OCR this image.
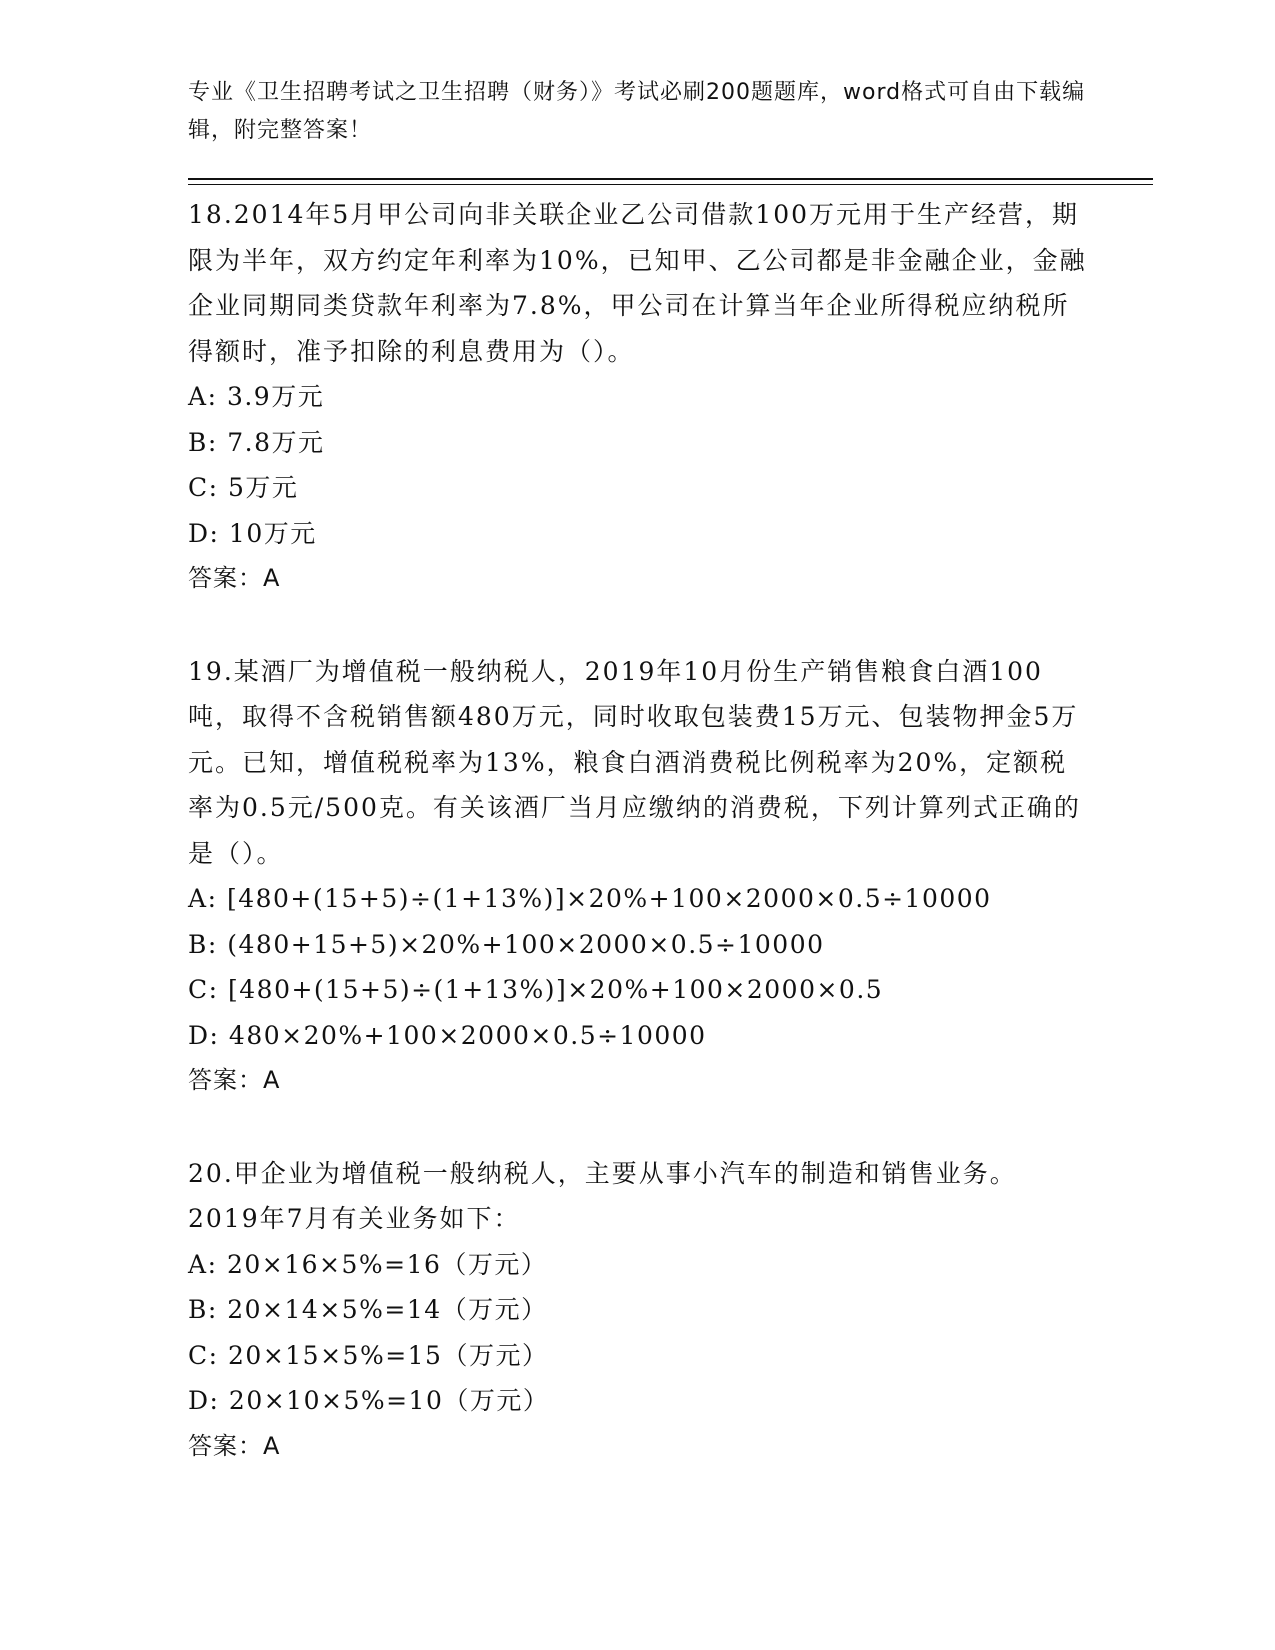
专业《卫生招聘考试之卫生招聘（财务）》考试必刷200题题库，word格式可自由下载编辑，附完整答案！
18 . 2014年5月甲公司向非关联企业乙公司借款100万元用于生产经营，期限为半年，双方约定年利率为10%，已知甲、乙公司都是非金融企业，金融企业同期同类贷款年利率为7.8%，甲公司在计算当年企业所得税应纳税所得额时，准予扣除的利息费用为（）。
A : 3.9万元
B : 7.8万元
C : 5万元
D : 10万元
答案：A
19 . 某酒厂为增值税一般纳税人，2019年10月份生产销售粮食白酒100吨，取得不含税销售额480万元，同时收取包装费15万元、包装物押金5万元。已知，增值税税率为13%，粮食白酒消费税比例税率为20%，定额税率为0.5元/500克。有关该酒厂当月应缴纳的消费税，下列计算列式正确的是（）。
A : [480+(15+5)÷(1+13%)]×20%+100×2000×0.5÷10000
B : (480+15+5)×20%+100×2000×0.5÷10000
C : [480+(15+5)÷(1+13%)]×20%+100×2000×0.5
D : 480×20%+100×2000×0.5÷10000
答案：A
20 . 甲企业为增值税一般纳税人，主要从事小汽车的制造和销售业务。2019年7月有关业务如下：
A : 20×16×5%=16（万元）
B : 20×14×5%=14（万元）
C : 20×15×5%=15（万元）
D : 20×10×5%=10（万元）
答案：A
